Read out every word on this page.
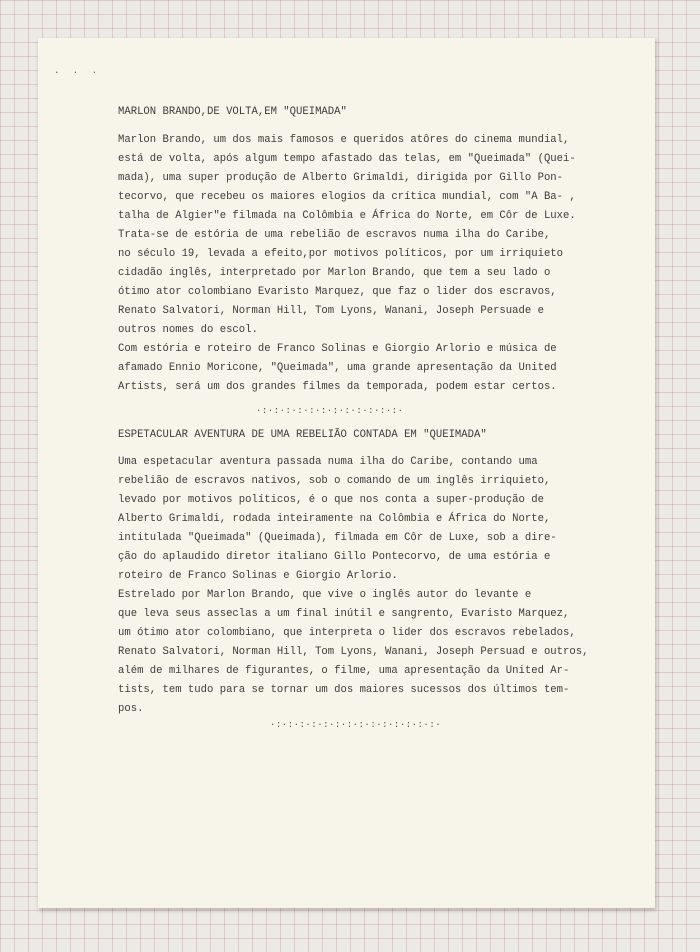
· · ·
MARLON BRANDO,DE VOLTA,EM "QUEIMADA"

Marlon Brando, um dos mais famosos e queridos atôres do cinema mundial,

está de volta, após algum tempo afastado das telas, em "Queimada" (Quei-

mada), uma super produção de Alberto Grimaldi, dirigida por Gillo Pon-

tecorvo, que recebeu os maiores elogios da crítica mundial, com "A Ba- ,

talha de Algier"e filmada na Colômbia e África do Norte, em Côr de Luxe.

Trata-se de estória de uma rebelião de escravos numa ilha do Caribe,

no século 19, levada a efeito,por motivos políticos, por um irriquieto

cidadão inglês, interpretado por Marlon Brando, que tem a seu lado o

ótimo ator colombiano Evaristo Marquez, que faz o lider dos escravos,

Renato Salvatori, Norman Hill, Tom Lyons, Wanani, Joseph Persuade e

outros nomes do escol.

Com estória e roteiro de Franco Solinas e Giorgio Arlorio e música de

afamado Ennio Moricone, "Queimada", uma grande apresentação da United

Artists, será um dos grandes filmes da temporada, podem estar certos.

·:·:·:·:·:·:·:·:·:·:·:·:·
ESPETACULAR AVENTURA DE UMA REBELIÃO CONTADA EM "QUEIMADA"

Uma espetacular aventura passada numa ilha do Caribe, contando uma

rebelião de escravos nativos, sob o comando de um inglês irriquieto,

levado por motivos políticos, é o que nos conta a super-produção de

Alberto Grimaldi, rodada inteiramente na Colômbia e África do Norte,

intitulada "Queimada" (Queimada), filmada em Côr de Luxe, sob a dire-

ção do aplaudido diretor italiano Gillo Pontecorvo, de uma estória e

roteiro de Franco Solinas e Giorgio Arlorio.

Estrelado por Marlon Brando, que vive o inglês autor do levante e

que leva seus asseclas a um final inútil e sangrento, Evaristo Marquez,

um ótimo ator colombiano, que interpreta o lider dos escravos rebelados,

Renato Salvatori, Norman Hill, Tom Lyons, Wanani, Joseph Persuad e outros,

além de milhares de figurantes, o filme, uma apresentação da United Ar-

tists, tem tudo para se tornar um dos maiores sucessos dos últimos tem-

pos.

·:·:·:·:·:·:·:·:·:·:·:·:·:·:·
